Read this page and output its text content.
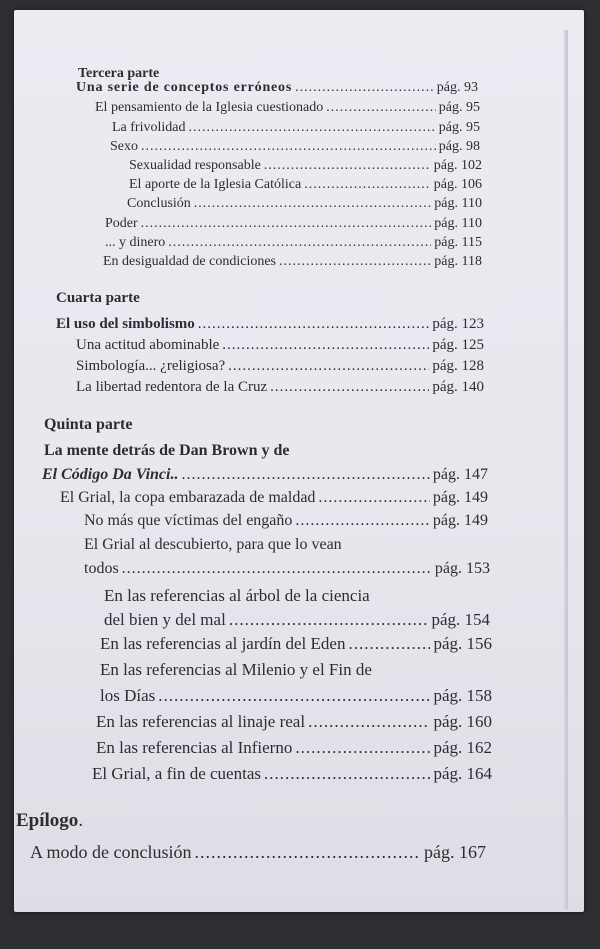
Tercera parte
Una serie de conceptos erróneos .....	pág. 93
El pensamiento de la Iglesia cuestionado .....	pág. 95
La frivolidad .....	pág. 95
Sexo .....	pág. 98
Sexualidad responsable .....	pág. 102
El aporte de la Iglesia Católica .....	pág. 106
Conclusión .....	pág. 110
Poder .....	pág. 110
... y dinero .....	pág. 115
En desigualdad de condiciones .....	pág. 118
Cuarta parte
El uso del simbolismo .....	pág. 123
Una actitud abominable .....	pág. 125
Simbología... ¿religiosa? .....	pág. 128
La libertad redentora de la Cruz .....	pág. 140
Quinta parte
La mente detrás de Dan Brown y de
El Código Da Vinci.. .....	pág. 147
El Grial, la copa embarazada de maldad .....	pág. 149
No más que víctimas del engaño .....	pág. 149
El Grial al descubierto, para que lo vean
todos .....	pág. 153
En las referencias al árbol de la ciencia
del bien y del mal .....	pág. 154
En las referencias al jardín del Eden .....	pág. 156
En las referencias al Milenio y el Fin de
los Días .....	pág. 158
En las referencias al linaje real .....	pág. 160
En las referencias al Infierno .....	pág. 162
El Grial, a fin de cuentas .....	pág. 164
Epílogo.
A modo de conclusión .....	pág. 167
